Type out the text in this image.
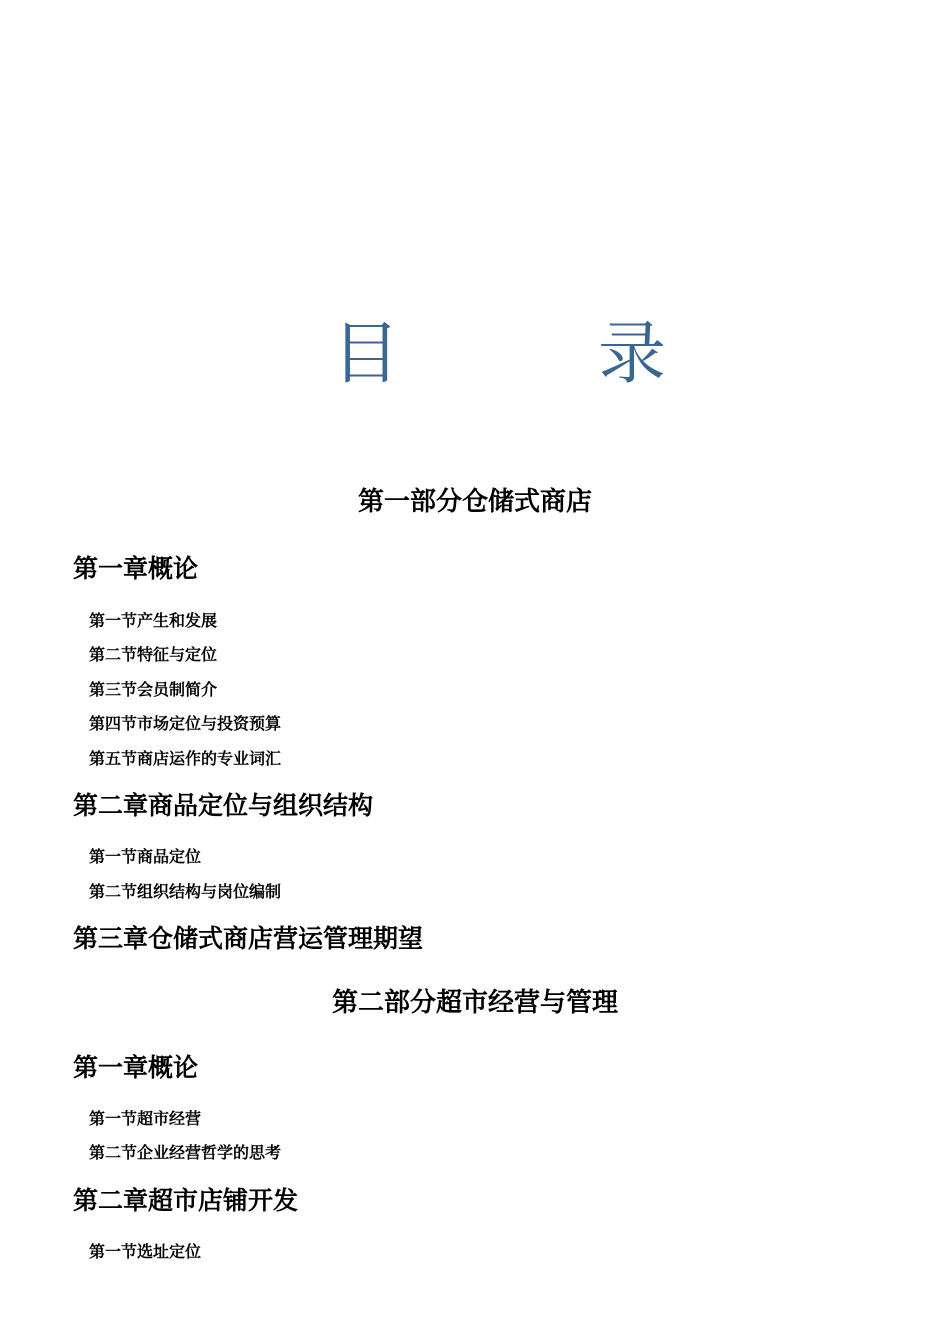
目	录
第一部分仓储式商店
第一章概论
第一节产生和发展
第二节特征与定位
第三节会员制简介
第四节市场定位与投资预算
第五节商店运作的专业词汇
第二章商品定位与组织结构
第一节商品定位
第二节组织结构与岗位编制
第三章仓储式商店营运管理期望
第二部分超市经营与管理
第一章概论
第一节超市经营
第二节企业经营哲学的思考
第二章超市店铺开发
第一节选址定位
